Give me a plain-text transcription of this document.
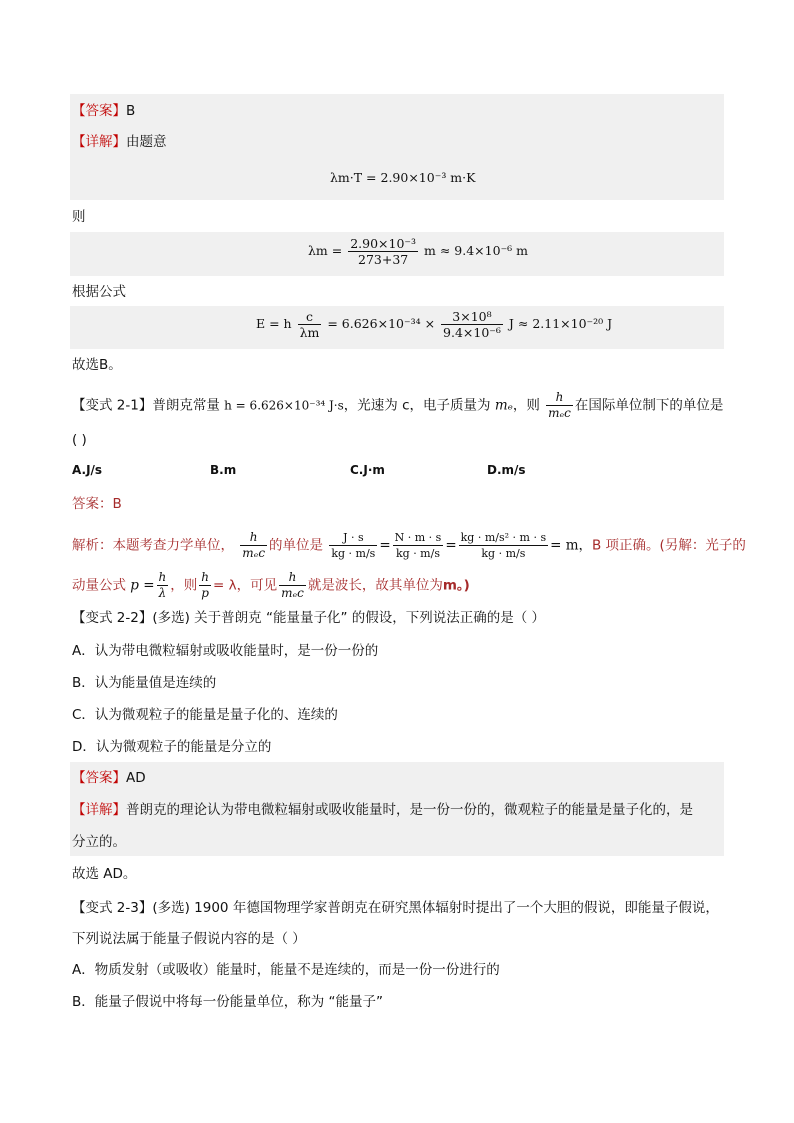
【答案】B
【详解】由题意
λm·T = 2.90×10⁻³ m·K
则
$\lambda m = \frac{\text{2.90×10⁻³}}{273+37}$ m ≈ 9.4×10⁻⁶ m
根据公式
E = h $\frac{c}{\lambda m} = 6.626\times 10^{-34} \times \frac{\text{3×10⁸}}{\text{9.4×10⁻⁶}}$ J ≈ 2.11×10⁻²⁰ J
故选B。
【变式 2-1】普朗克常量 h = 6.626×10⁻³⁴ J·s，光速为 c，电子质量为 mₑ，则 $\frac{h}{\text{mₑc}}$ 在国际单位制下的单位是
( )
A.J/s	B.m	C.J·m	D.m/s
答案：B
解析：本题考查力学单位， $\frac{h}{\text{mₑc}}$ 的单位是 $\frac{J \cdot s}{kg \cdot m/s} = \frac{N \cdot m \cdot s}{kg \cdot m/s} = \frac{\text{kg · m/s² · m · s}}{kg \cdot m/s} = m$，B 项正确。(另解：光子的
动量公式 $p = \frac{h}{\lambda}$ ，则 $\frac{h}{p} = \lambda$，可见 $\frac{h}{\text{mₑc}}$ 就是波长，故其单位为m。)
【变式 2-2】(多选) 关于普朗克 “能量量子化” 的假设，下列说法正确的是（ ）
A．认为带电微粒辐射或吸收能量时，是一份一份的
B．认为能量值是连续的
C．认为微观粒子的能量是量子化的、连续的
D．认为微观粒子的能量是分立的
【答案】AD
【详解】普朗克的理论认为带电微粒辐射或吸收能量时，是一份一份的，微观粒子的能量是量子化的，是
分立的。
故选 AD。
【变式 2-3】(多选) 1900 年德国物理学家普朗克在研究黑体辐射时提出了一个大胆的假说，即能量子假说，
下列说法属于能量子假说内容的是（ ）
A．物质发射（或吸收）能量时，能量不是连续的，而是一份一份进行的
B．能量子假说中将每一份能量单位，称为 “能量子”
